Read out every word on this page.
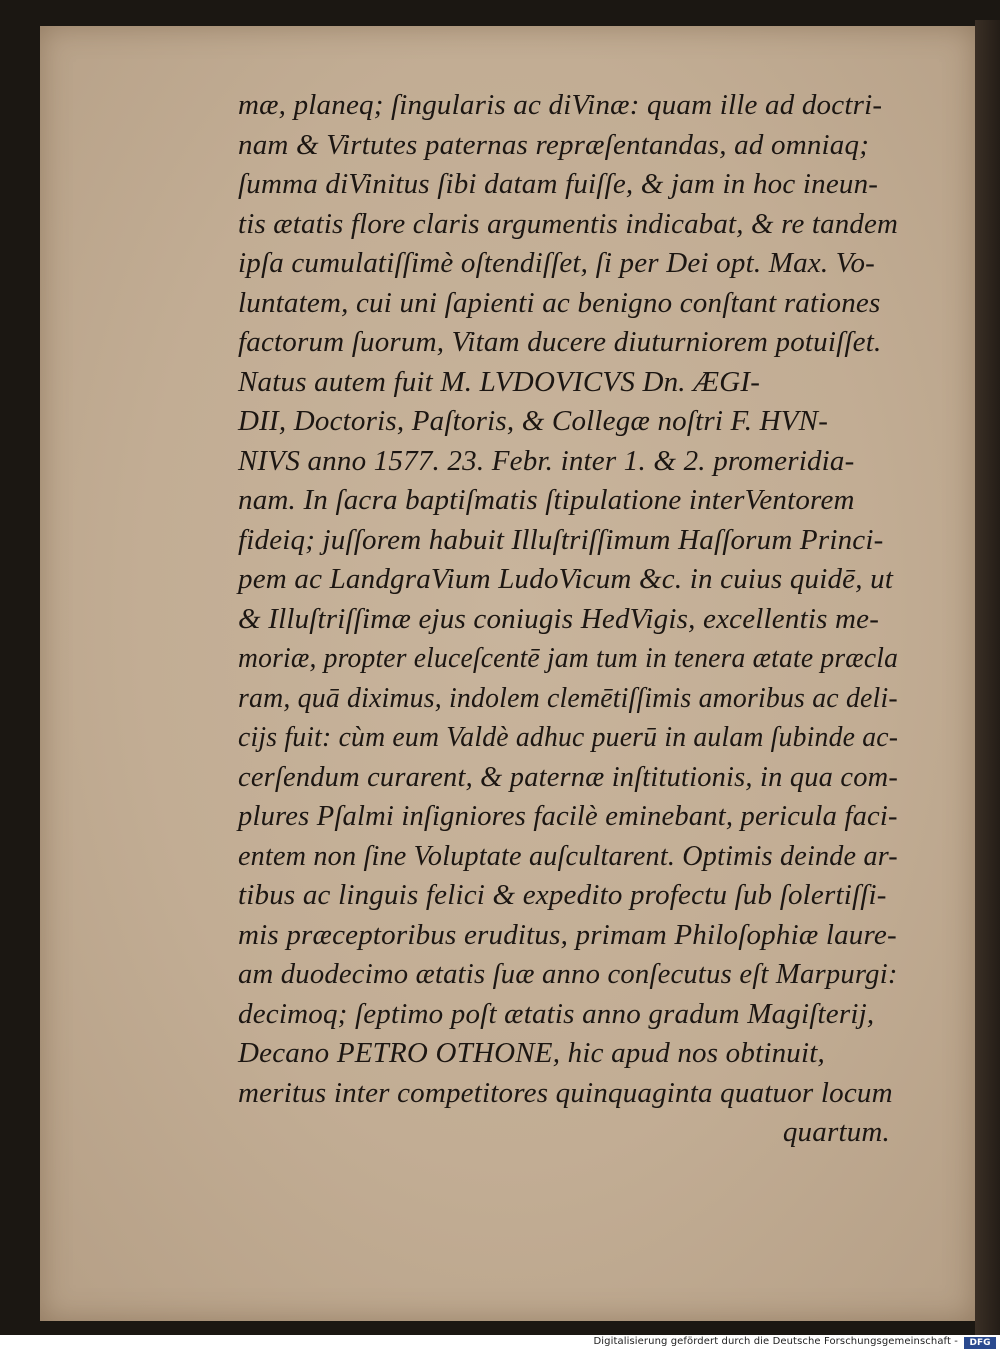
mæ, planeq; ſingularis ac diVinæ: quam ille ad doctri-
nam & Virtutes paternas repræſentandas, ad omniaq;
ſumma diVinitus ſibi datam fuiſſe, & jam in hoc ineun-
tis ætatis flore claris argumentis indicabat, & re tandem
ipſa cumulatiſſimè oſtendiſſet, ſi per Dei opt. Max. Vo-
luntatem, cui uni ſapienti ac benigno conſtant rationes
factorum ſuorum, Vitam ducere diuturniorem potuiſſet.
Natus autem fuit M. LVDOVICVS Dn. ÆGI-
DII, Doctoris, Paſtoris, & Collegæ noſtri F. HVN-
NIVS anno 1577. 23. Febr. inter 1. & 2. promeridia-
nam. In ſacra baptiſmatis ſtipulatione interVentorem
fideiq; juſſorem habuit Illuſtriſſimum Haſſorum Princi-
pem ac LandgraVium LudoVicum &c. in cuius quidē, ut
& Illuſtriſſimæ ejus coniugis HedVigis, excellentis me-
moriæ, propter eluceſcentē jam tum in tenera ætate præcla
ram, quā diximus, indolem clemētiſſimis amoribus ac deli-
cijs fuit: cùm eum Valdè adhuc puerū in aulam ſubinde ac-
cerſendum curarent, & paternæ inſtitutionis, in qua com-
plures Pſalmi inſigniores facilè eminebant, pericula faci-
entem non ſine Voluptate auſcultarent. Optimis deinde ar-
tibus ac linguis felici & expedito profectu ſub ſolertiſſi-
mis præceptoribus eruditus, primam Philoſophiæ laure-
am duodecimo ætatis ſuæ anno conſecutus eſt Marpurgi:
decimoq; ſeptimo poſt ætatis anno gradum Magiſterij,
Decano PETRO OTHONE, hic apud nos obtinuit,
meritus inter competitores quinquaginta quatuor locum
quartum.
Digitalisierung gefördert durch die Deutsche Forschungsgemeinschaft -	DFG
